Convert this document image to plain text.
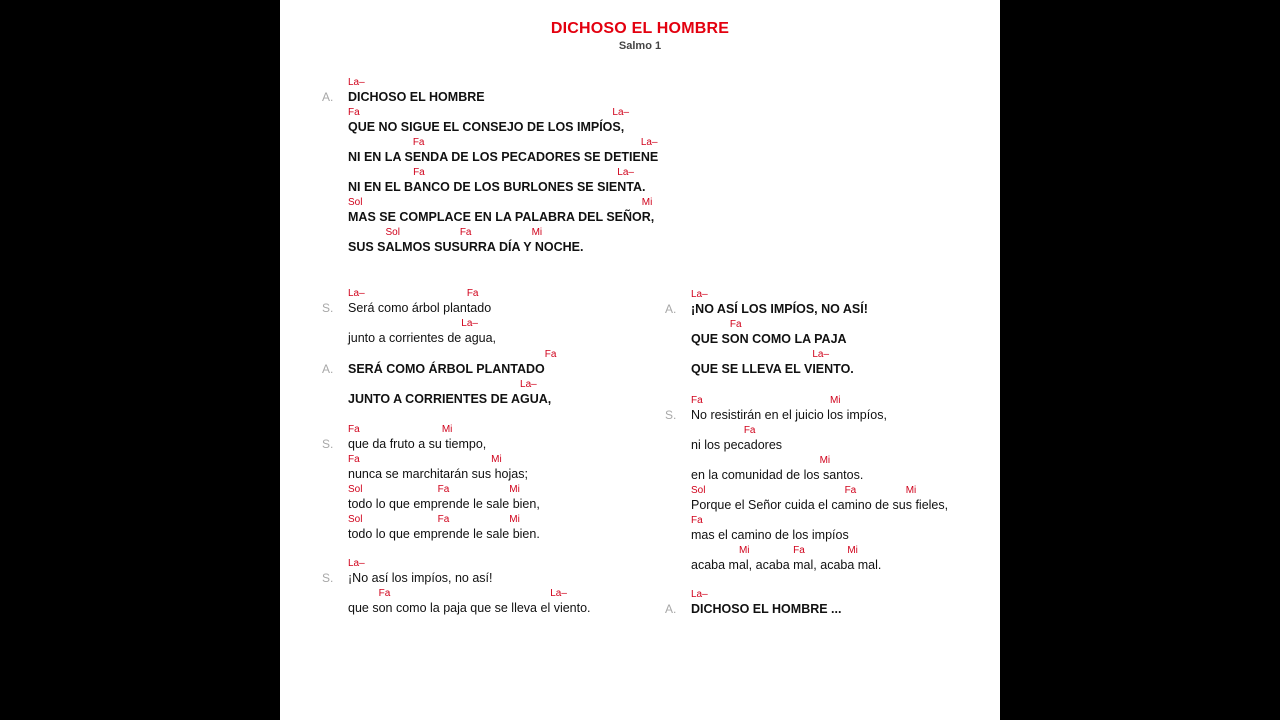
DICHOSO EL HOMBRE
Salmo 1
La–
A. DICHOSO EL HOMBRE
Fa	La–
QUE NO SIGUE EL CONSEJO DE LOS IMPÍOS,
Fa	La–
NI EN LA SENDA DE LOS PECADORES SE DETIENE
Fa	La–
NI EN EL BANCO DE LOS BURLONES SE SIENTA.
Sol	Mi
MAS SE COMPLACE EN LA PALABRA DEL SEÑOR,
Sol	Fa	Mi
SUS SALMOS SUSURRA DÍA Y NOCHE.
La–	Fa
S. Será como árbol plantado
La–
junto a corrientes de agua,
Fa
A. SERÁ COMO ÁRBOL PLANTADO
La–
JUNTO A CORRIENTES DE AGUA,
Fa	Mi
S. que da fruto a su tiempo,
Fa	Mi
nunca se marchitarán sus hojas;
Sol	Fa	Mi
todo lo que emprende le sale bien,
Sol	Fa	Mi
todo lo que emprende le sale bien.
La–
S. ¡No así los impíos, no así!
Fa	La–
que son como la paja que se lleva el viento.
La–
A. ¡NO ASÍ LOS IMPÍOS, NO ASÍ!
Fa
QUE SON COMO LA PAJA
La–
QUE SE LLEVA EL VIENTO.
Fa	Mi
S. No resistirán en el juicio los impíos,
Fa
ni los pecadores
Mi
en la comunidad de los santos.
Sol	Fa	Mi
Porque el Señor cuida el camino de sus fieles,
Fa
mas el camino de los impíos
Mi	Fa	Mi
acaba mal, acaba mal, acaba mal.
La–
A. DICHOSO EL HOMBRE ...
